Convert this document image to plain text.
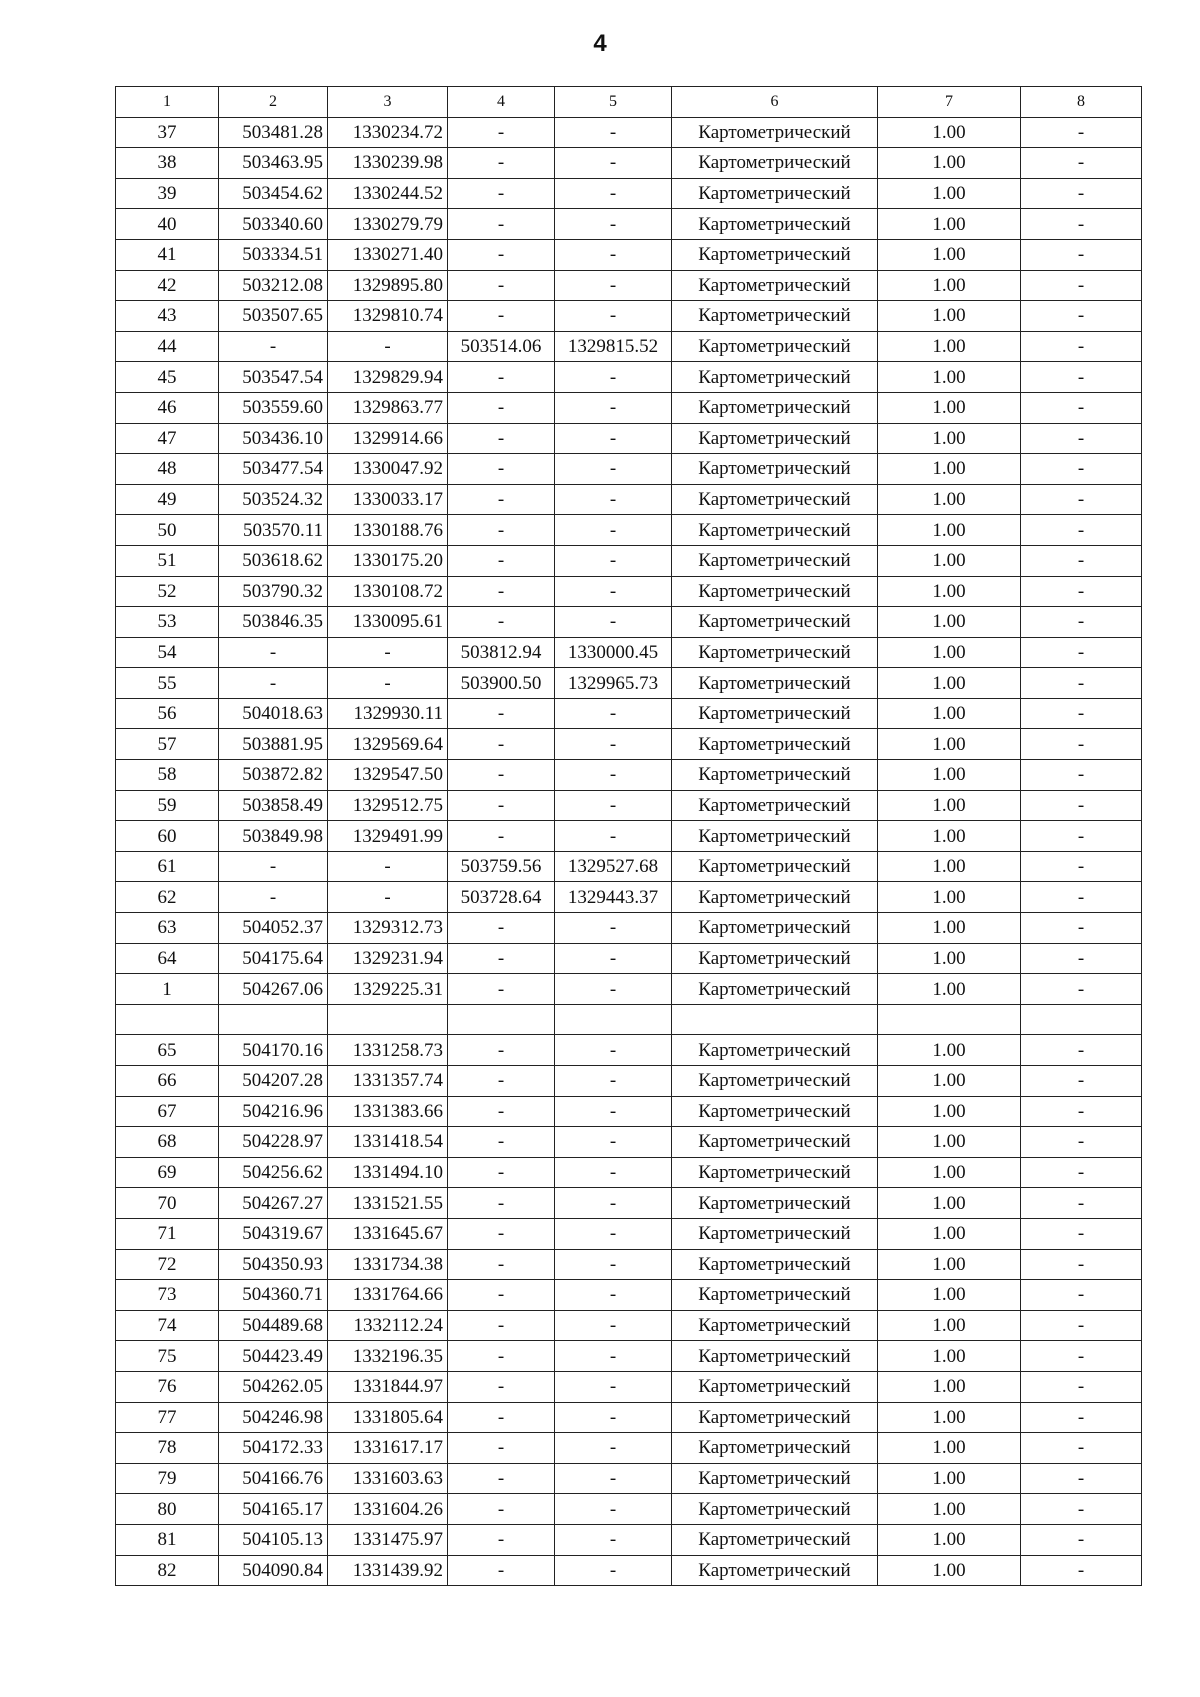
4
1	2	3	4	5	6	7	8
37	503481.28	1330234.72	-	-	Картометрический	1.00	-
38	503463.95	1330239.98	-	-	Картометрический	1.00	-
39	503454.62	1330244.52	-	-	Картометрический	1.00	-
40	503340.60	1330279.79	-	-	Картометрический	1.00	-
41	503334.51	1330271.40	-	-	Картометрический	1.00	-
42	503212.08	1329895.80	-	-	Картометрический	1.00	-
43	503507.65	1329810.74	-	-	Картометрический	1.00	-
44	-	-	503514.06	1329815.52	Картометрический	1.00	-
45	503547.54	1329829.94	-	-	Картометрический	1.00	-
46	503559.60	1329863.77	-	-	Картометрический	1.00	-
47	503436.10	1329914.66	-	-	Картометрический	1.00	-
48	503477.54	1330047.92	-	-	Картометрический	1.00	-
49	503524.32	1330033.17	-	-	Картометрический	1.00	-
50	503570.11	1330188.76	-	-	Картометрический	1.00	-
51	503618.62	1330175.20	-	-	Картометрический	1.00	-
52	503790.32	1330108.72	-	-	Картометрический	1.00	-
53	503846.35	1330095.61	-	-	Картометрический	1.00	-
54	-	-	503812.94	1330000.45	Картометрический	1.00	-
55	-	-	503900.50	1329965.73	Картометрический	1.00	-
56	504018.63	1329930.11	-	-	Картометрический	1.00	-
57	503881.95	1329569.64	-	-	Картометрический	1.00	-
58	503872.82	1329547.50	-	-	Картометрический	1.00	-
59	503858.49	1329512.75	-	-	Картометрический	1.00	-
60	503849.98	1329491.99	-	-	Картометрический	1.00	-
61	-	-	503759.56	1329527.68	Картометрический	1.00	-
62	-	-	503728.64	1329443.37	Картометрический	1.00	-
63	504052.37	1329312.73	-	-	Картометрический	1.00	-
64	504175.64	1329231.94	-	-	Картометрический	1.00	-
1	504267.06	1329225.31	-	-	Картометрический	1.00	-

65	504170.16	1331258.73	-	-	Картометрический	1.00	-
66	504207.28	1331357.74	-	-	Картометрический	1.00	-
67	504216.96	1331383.66	-	-	Картометрический	1.00	-
68	504228.97	1331418.54	-	-	Картометрический	1.00	-
69	504256.62	1331494.10	-	-	Картометрический	1.00	-
70	504267.27	1331521.55	-	-	Картометрический	1.00	-
71	504319.67	1331645.67	-	-	Картометрический	1.00	-
72	504350.93	1331734.38	-	-	Картометрический	1.00	-
73	504360.71	1331764.66	-	-	Картометрический	1.00	-
74	504489.68	1332112.24	-	-	Картометрический	1.00	-
75	504423.49	1332196.35	-	-	Картометрический	1.00	-
76	504262.05	1331844.97	-	-	Картометрический	1.00	-
77	504246.98	1331805.64	-	-	Картометрический	1.00	-
78	504172.33	1331617.17	-	-	Картометрический	1.00	-
79	504166.76	1331603.63	-	-	Картометрический	1.00	-
80	504165.17	1331604.26	-	-	Картометрический	1.00	-
81	504105.13	1331475.97	-	-	Картометрический	1.00	-
82	504090.84	1331439.92	-	-	Картометрический	1.00	-
